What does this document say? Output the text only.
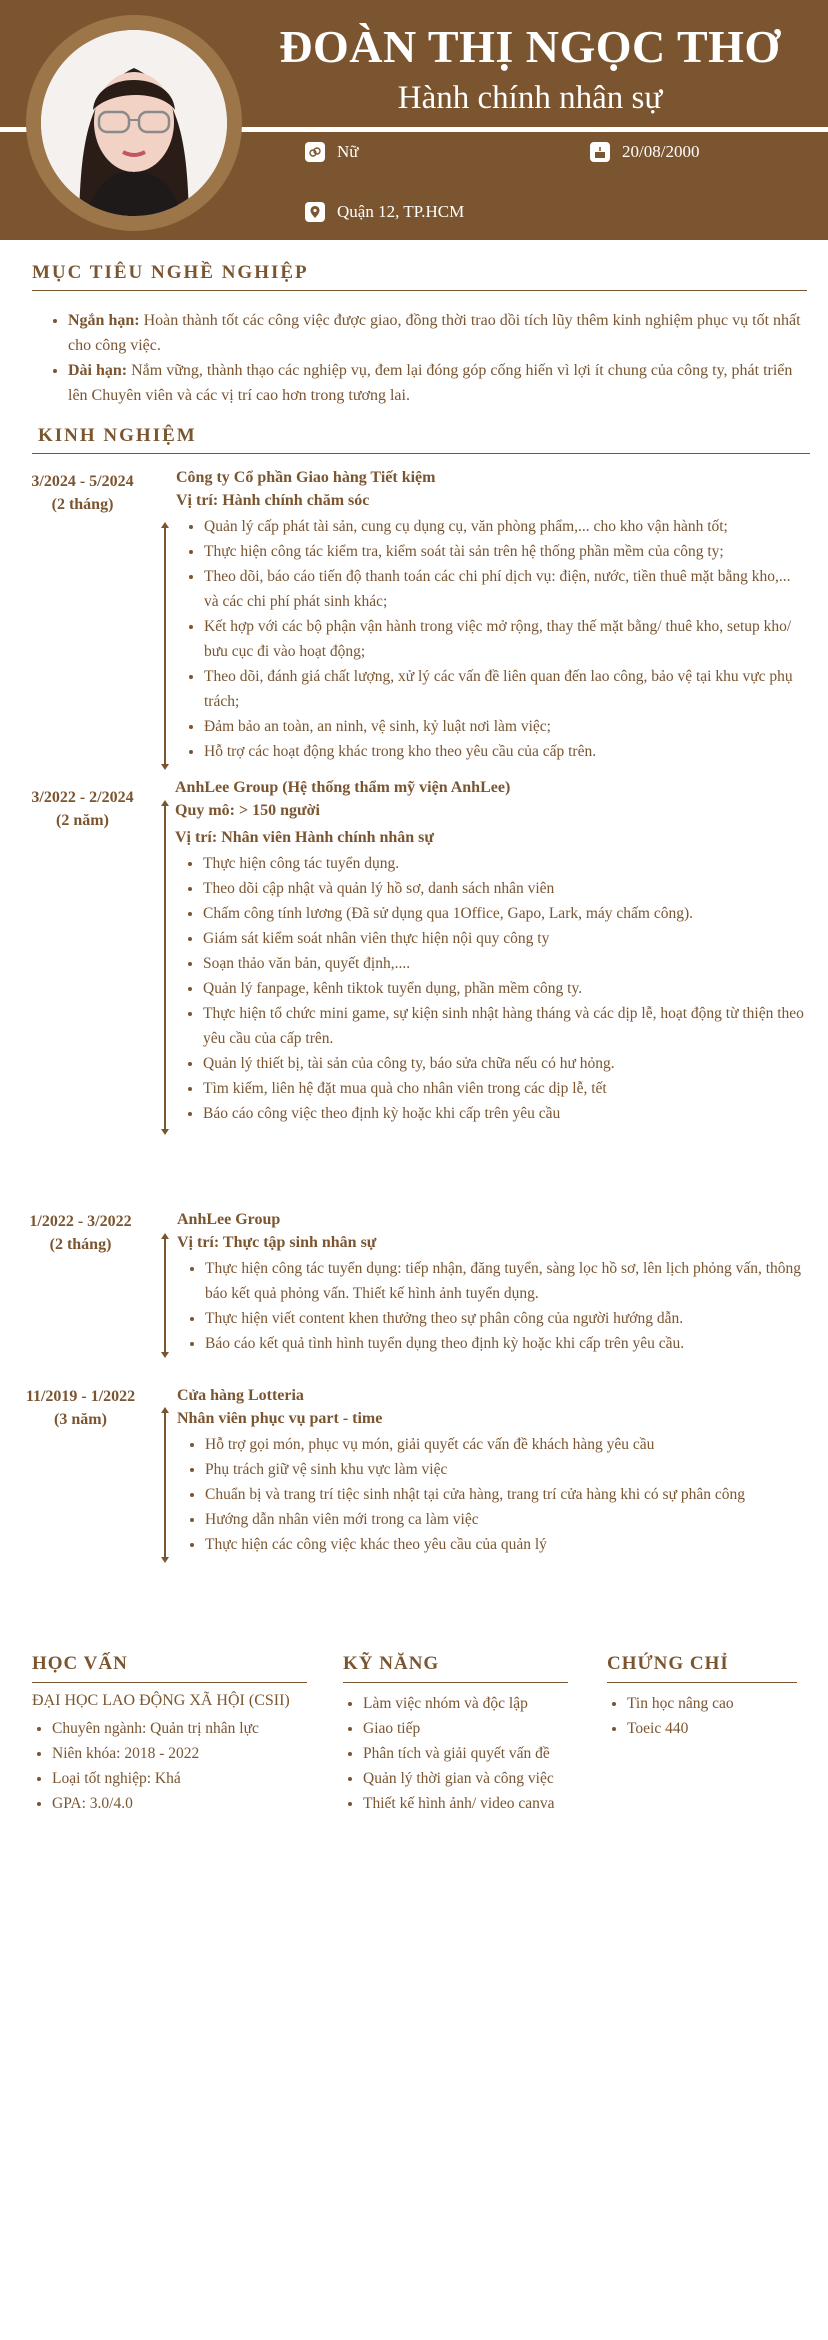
ĐOÀN THỊ NGỌC THƠ
Hành chính nhân sự
Nữ	20/08/2000
Quận 12, TP.HCM
MỤC TIÊU NGHỀ NGHIỆP
• Ngắn hạn: Hoàn thành tốt các công việc được giao, đồng thời trao dồi tích lũy thêm kinh nghiệm phục vụ tốt nhất cho công việc.
• Dài hạn: Nắm vững, thành thạo các nghiệp vụ, đem lại đóng góp cống hiến vì lợi ít chung của công ty, phát triển lên Chuyên viên và các vị trí cao hơn trong tương lai.
KINH NGHIỆM
3/2024 - 5/2024
(2 tháng)
Công ty Cổ phần Giao hàng Tiết kiệm
Vị trí: Hành chính chăm sóc
• Quản lý cấp phát tài sản, cung cụ dụng cụ, văn phòng phẩm,... cho kho vận hành tốt;
• Thực hiện công tác kiểm tra, kiểm soát tài sản trên hệ thống phần mềm của công ty;
• Theo dõi, báo cáo tiến độ thanh toán các chi phí dịch vụ: điện, nước, tiền thuê mặt bằng kho,... và các chi phí phát sinh khác;
• Kết hợp với các bộ phận vận hành trong việc mở rộng, thay thế mặt bằng/ thuê kho, setup kho/ bưu cục đi vào hoạt động;
• Theo dõi, đánh giá chất lượng, xử lý các vấn đề liên quan đến lao công, bảo vệ tại khu vực phụ trách;
• Đảm bảo an toàn, an ninh, vệ sinh, kỷ luật nơi làm việc;
• Hỗ trợ các hoạt động khác trong kho theo yêu cầu của cấp trên.
3/2022 - 2/2024
(2 năm)
AnhLee Group (Hệ thống thẩm mỹ viện AnhLee)
Quy mô: > 150 người
Vị trí: Nhân viên Hành chính nhân sự
• Thực hiện công tác tuyển dụng.
• Theo dõi cập nhật và quản lý hồ sơ, danh sách nhân viên
• Chấm công tính lương (Đã sử dụng qua 1Office, Gapo, Lark, máy chấm công).
• Giám sát kiểm soát nhân viên thực hiện nội quy công ty
• Soạn thảo văn bản, quyết định,....
• Quản lý fanpage, kênh tiktok tuyển dụng, phần mềm công ty.
• Thực hiện tổ chức mini game, sự kiện sinh nhật hàng tháng và các dịp lễ, hoạt động từ thiện theo yêu cầu của cấp trên.
• Quản lý thiết bị, tài sản của công ty, báo sửa chữa nếu có hư hỏng.
• Tìm kiếm, liên hệ đặt mua quà cho nhân viên trong các dịp lễ, tết
• Báo cáo công việc theo định kỳ hoặc khi cấp trên yêu cầu
1/2022 - 3/2022
(2 tháng)
AnhLee Group
Vị trí: Thực tập sinh nhân sự
• Thực hiện công tác tuyển dụng: tiếp nhận, đăng tuyển, sàng lọc hồ sơ, lên lịch phỏng vấn, thông báo kết quả phỏng vấn. Thiết kế hình ảnh tuyển dụng.
• Thực hiện viết content khen thưởng theo sự phân công của người hướng dẫn.
• Báo cáo kết quả tình hình tuyển dụng theo định kỳ hoặc khi cấp trên yêu cầu.
11/2019 - 1/2022
(3 năm)
Cửa hàng Lotteria
Nhân viên phục vụ part - time
• Hỗ trợ gọi món, phục vụ món, giải quyết các vấn đề khách hàng yêu cầu
• Phụ trách giữ vệ sinh khu vực làm việc
• Chuẩn bị và trang trí tiệc sinh nhật tại cửa hàng, trang trí cửa hàng khi có sự phân công
• Hướng dẫn nhân viên mới trong ca làm việc
• Thực hiện các công việc khác theo yêu cầu của quản lý
HỌC VẤN
ĐẠI HỌC LAO ĐỘNG XÃ HỘI (CSII)
• Chuyên ngành: Quản trị nhân lực
• Niên khóa: 2018 - 2022
• Loại tốt nghiệp: Khá
• GPA: 3.0/4.0
KỸ NĂNG
• Làm việc nhóm và độc lập
• Giao tiếp
• Phân tích và giải quyết vấn đề
• Quản lý thời gian và công việc
• Thiết kế hình ảnh/ video canva
CHỨNG CHỈ
• Tin học nâng cao
• Toeic 440
